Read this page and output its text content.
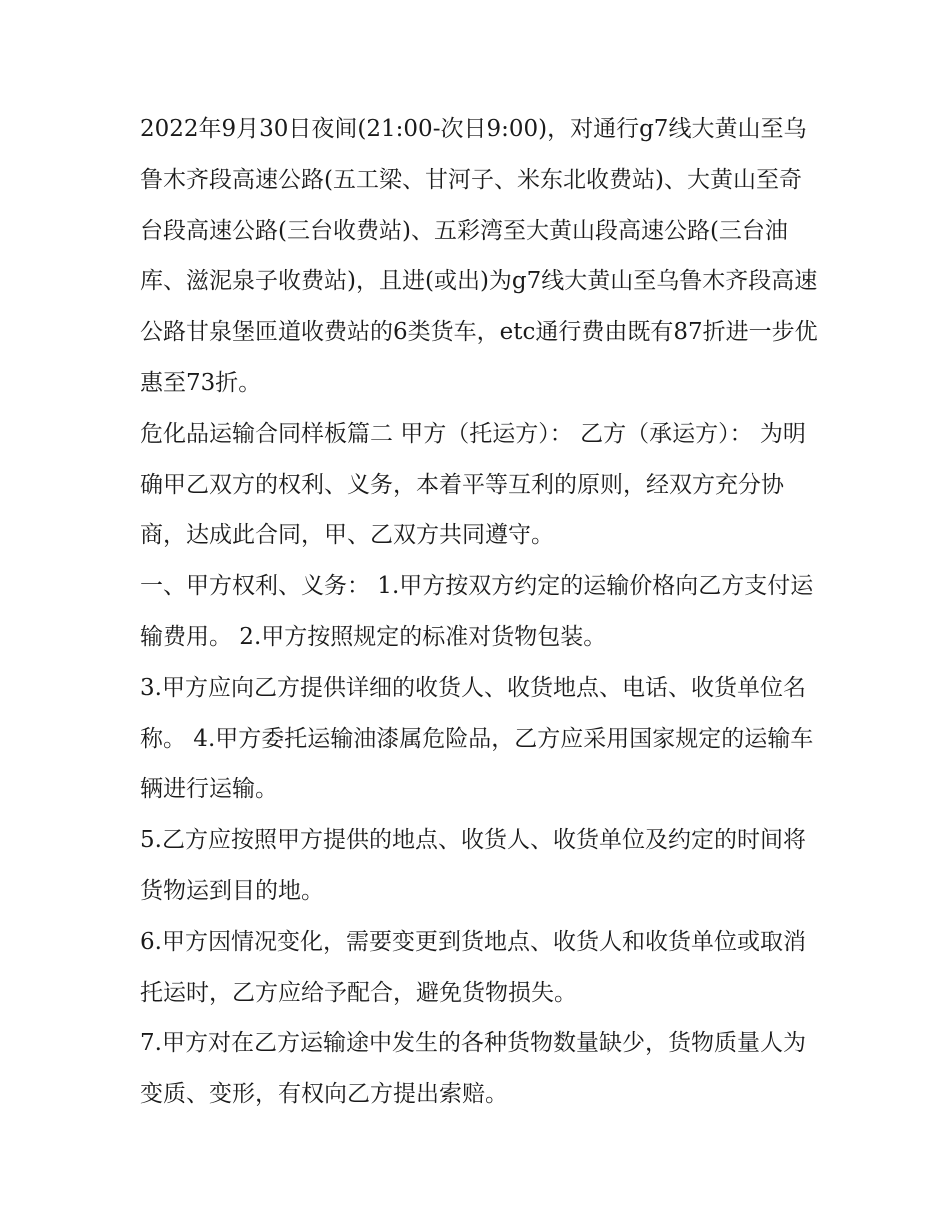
2022年9月30日夜间(21:00-次日9:00)，对通行g7线大黄山至乌鲁木齐段高速公路(五工梁、甘河子、米东北收费站)、大黄山至奇台段高速公路(三台收费站)、五彩湾至大黄山段高速公路(三台油库、滋泥泉子收费站)，且进(或出)为g7线大黄山至乌鲁木齐段高速公路甘泉堡匝道收费站的6类货车，etc通行费由既有87折进一步优惠至73折。

危化品运输合同样板篇二 甲方（托运方）： 乙方（承运方）： 为明确甲乙双方的权利、义务，本着平等互利的原则，经双方充分协商，达成此合同，甲、乙双方共同遵守。

一、甲方权利、义务： 1.甲方按双方约定的运输价格向乙方支付运输费用。 2.甲方按照规定的标准对货物包装。

3.甲方应向乙方提供详细的收货人、收货地点、电话、收货单位名称。 4.甲方委托运输油漆属危险品，乙方应采用国家规定的运输车辆进行运输。

5.乙方应按照甲方提供的地点、收货人、收货单位及约定的时间将货物运到目的地。

6.甲方因情况变化，需要变更到货地点、收货人和收货单位或取消托运时，乙方应给予配合，避免货物损失。

7.甲方对在乙方运输途中发生的各种货物数量缺少，货物质量人为变质、变形，有权向乙方提出索赔。
